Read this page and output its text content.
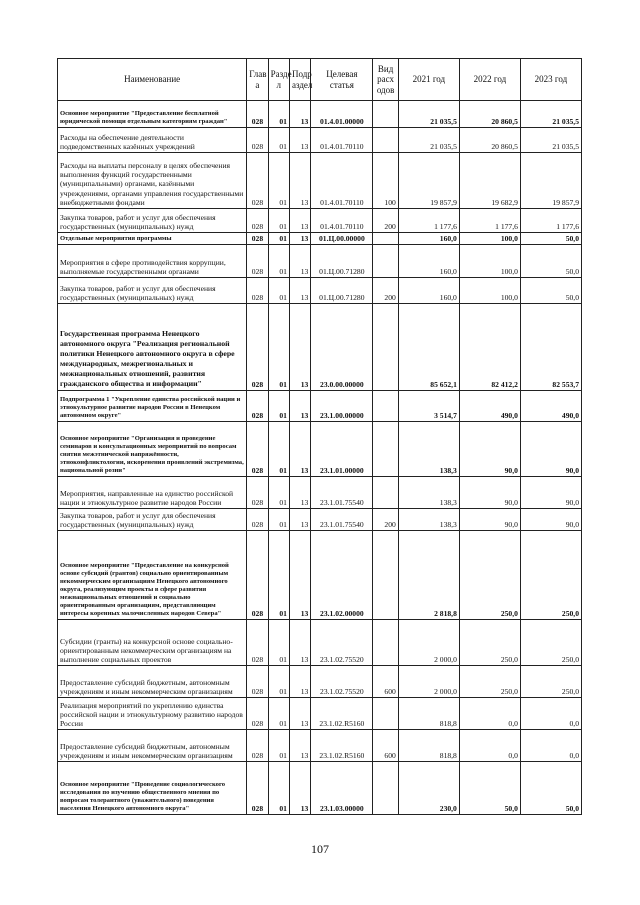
Наименование	Глав а	Разде л	Подр аздел	Целевая статья	Вид расх одов	2021 год	2022 год	2023 год
Основное мероприятие "Предоставление бесплатной юридической помощи отдельным категориям граждан"	028	01	13	01.4.01.00000		21 035,5	20 860,5	21 035,5
Расходы на обеспечение деятельности подведомственных казённых учреждений	028	01	13	01.4.01.70110		21 035,5	20 860,5	21 035,5
Расходы на выплаты персоналу в целях обеспечения выполнения функций государственными (муниципальными) органами, казёнными учреждениями, органами управления государственными внебюджетными фондами	028	01	13	01.4.01.70110	100	19 857,9	19 682,9	19 857,9
Закупка товаров, работ и услуг для обеспечения государственных (муниципальных) нужд	028	01	13	01.4.01.70110	200	1 177,6	1 177,6	1 177,6
Отдельные мероприятия программы	028	01	13	01.Ц.00.00000		160,0	100,0	50,0
Мероприятия в сфере противодействия коррупции, выполняемые государственными органами	028	01	13	01.Ц.00.71280		160,0	100,0	50,0
Закупка товаров, работ и услуг для обеспечения государственных (муниципальных) нужд	028	01	13	01.Ц.00.71280	200	160,0	100,0	50,0
Государственная программа Ненецкого автономного округа "Реализация региональной политики Ненецкого автономного округа в сфере международных, межрегиональных и межнациональных отношений, развития гражданского общества и информации"	028	01	13	23.0.00.00000		85 652,1	82 412,2	82 553,7
Подпрограмма 1 "Укрепление единства российской нации и этнокультурное развитие народов России в Ненецком автономном округе"	028	01	13	23.1.00.00000		3 514,7	490,0	490,0
Основное мероприятие "Организация и проведение семинаров и консультационных мероприятий по вопросам снятия межэтнической напряжённости, этноконфликтологии, искоренения проявлений экстремизма, национальной розни"	028	01	13	23.1.01.00000		138,3	90,0	90,0
Мероприятия, направленные на единство российской нации и этнокультурное развитие народов России	028	01	13	23.1.01.75540		138,3	90,0	90,0
Закупка товаров, работ и услуг для обеспечения государственных (муниципальных) нужд	028	01	13	23.1.01.75540	200	138,3	90,0	90,0
Основное мероприятие "Предоставление на конкурсной основе субсидий (грантов) социально ориентированным некоммерческим организациям Ненецкого автономного округа, реализующим проекты в сфере развития межнациональных отношений и социально ориентированным организациям, представляющим интересы коренных малочисленных народов Севера"	028	01	13	23.1.02.00000		2 818,8	250,0	250,0
Субсидии (гранты) на конкурсной основе социально-ориентированным некоммерческим организациям на выполнение социальных проектов	028	01	13	23.1.02.75520		2 000,0	250,0	250,0
Предоставление субсидий бюджетным, автономным учреждениям и иным некоммерческим организациям	028	01	13	23.1.02.75520	600	2 000,0	250,0	250,0
Реализация мероприятий по укреплению единства российской нации и этнокультурному развитию народов России	028	01	13	23.1.02.R5160		818,8	0,0	0,0
Предоставление субсидий бюджетным, автономным учреждениям и иным некоммерческим организациям	028	01	13	23.1.02.R5160	600	818,8	0,0	0,0
Основное мероприятие "Проведение социологического исследования по изучению общественного мнения по вопросам толерантного (уважительного) поведения населения Ненецкого автономного округа"	028	01	13	23.1.03.00000		230,0	50,0	50,0
107
